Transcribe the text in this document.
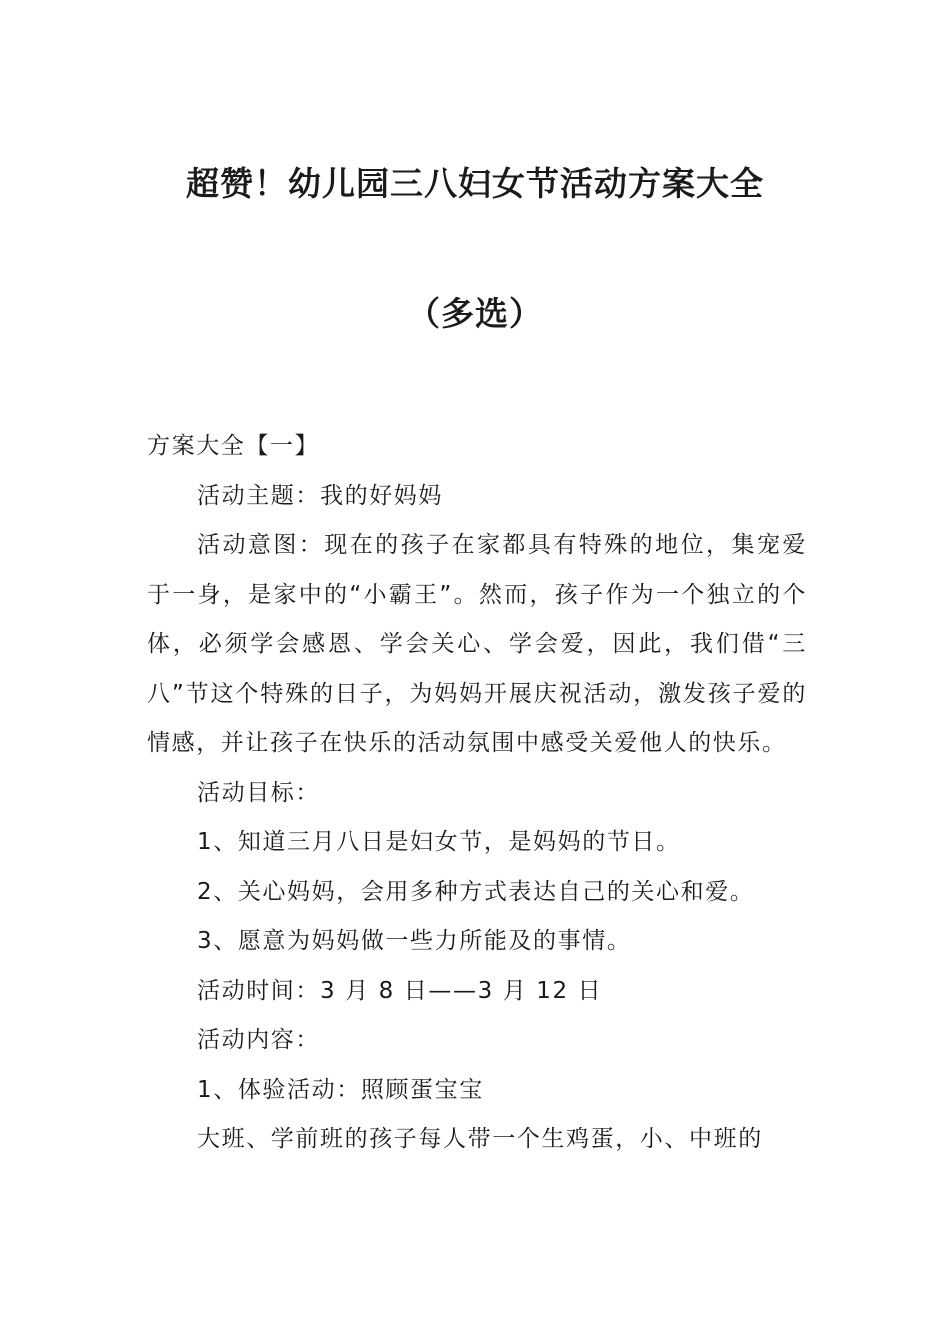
超赞！幼儿园三八妇女节活动方案大全
（多选）

方案大全【一】

活动主题：我的好妈妈

活动意图：现在的孩子在家都具有特殊的地位，集宠爱于一身，是家中的“小霸王”。然而，孩子作为一个独立的个体，必须学会感恩、学会关心、学会爱，因此，我们借“三八”节这个特殊的日子，为妈妈开展庆祝活动，激发孩子爱的情感，并让孩子在快乐的活动氛围中感受关爱他人的快乐。

活动目标：

1、知道三月八日是妇女节，是妈妈的节日。

2、关心妈妈，会用多种方式表达自己的关心和爱。

3、愿意为妈妈做一些力所能及的事情。

活动时间：3 月 8 日——3 月 12 日

活动内容：

1、体验活动：照顾蛋宝宝

大班、学前班的孩子每人带一个生鸡蛋，小、中班的
